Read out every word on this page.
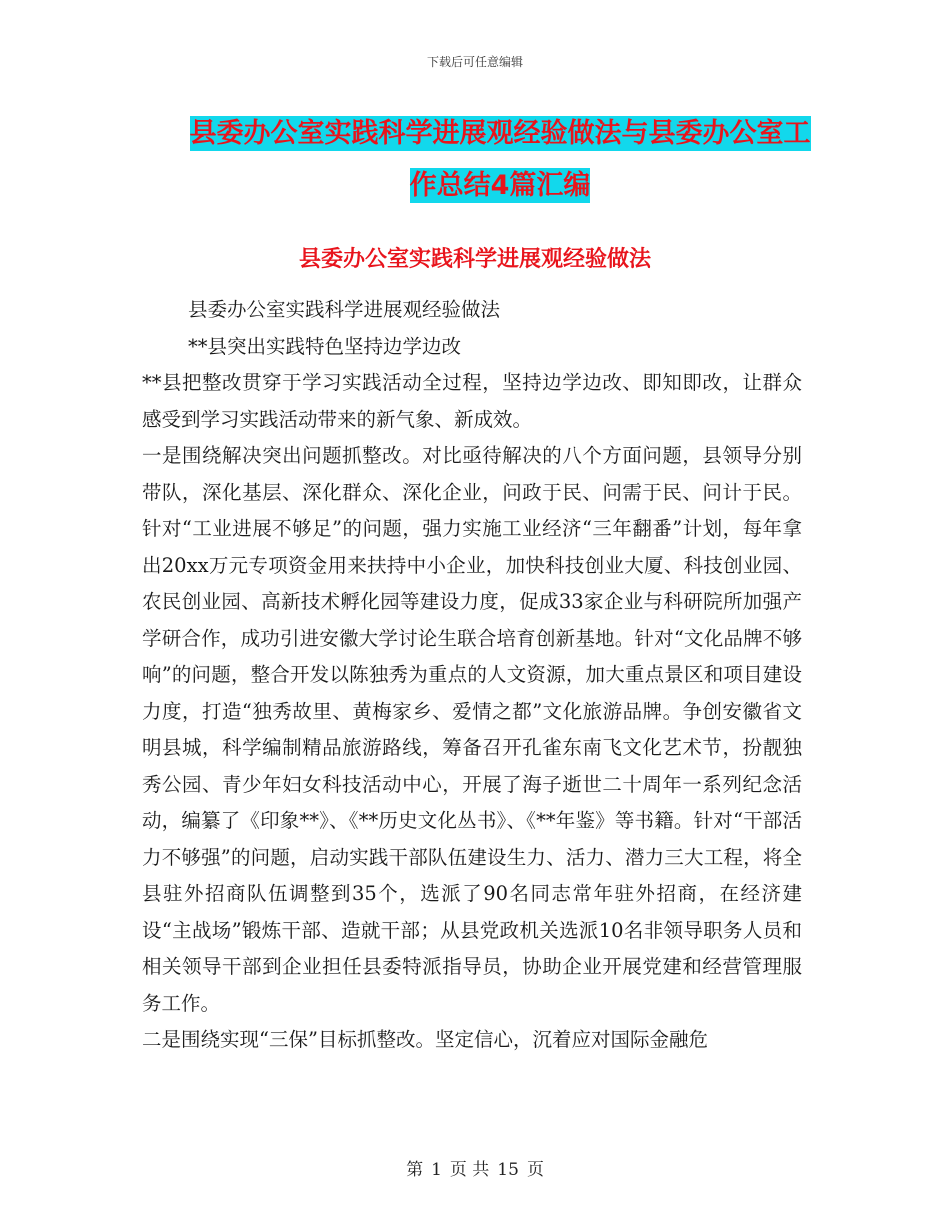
下载后可任意编辑
县委办公室实践科学进展观经验做法与县委办公室工
作总结4篇汇编
县委办公室实践科学进展观经验做法

县委办公室实践科学进展观经验做法

**县突出实践特色坚持边学边改

**县把整改贯穿于学习实践活动全过程，坚持边学边改、即知即改，让群众感受到学习实践活动带来的新气象、新成效。

一是围绕解决突出问题抓整改。对比亟待解决的八个方面问题，县领导分别带队，深化基层、深化群众、深化企业，问政于民、问需于民、问计于民。针对“工业进展不够足”的问题，强力实施工业经济“三年翻番”计划，每年拿出20xx万元专项资金用来扶持中小企业，加快科技创业大厦、科技创业园、农民创业园、高新技术孵化园等建设力度，促成33家企业与科研院所加强产学研合作，成功引进安徽大学讨论生联合培育创新基地。针对“文化品牌不够响”的问题，整合开发以陈独秀为重点的人文资源，加大重点景区和项目建设力度，打造“独秀故里、黄梅家乡、爱情之都”文化旅游品牌。争创安徽省文明县城，科学编制精品旅游路线，筹备召开孔雀东南飞文化艺术节，扮靓独秀公园、青少年妇女科技活动中心，开展了海子逝世二十周年一系列纪念活动，编纂了《印象**》、《**历史文化丛书》、《**年鉴》等书籍。针对“干部活力不够强”的问题，启动实践干部队伍建设生力、活力、潜力三大工程，将全县驻外招商队伍调整到35个，选派了90名同志常年驻外招商，在经济建设“主战场”锻炼干部、造就干部；从县党政机关选派10名非领导职务人员和相关领导干部到企业担任县委特派指导员，协助企业开展党建和经营管理服务工作。

二是围绕实现“三保”目标抓整改。坚定信心，沉着应对国际金融危

第 1 页 共 15 页
